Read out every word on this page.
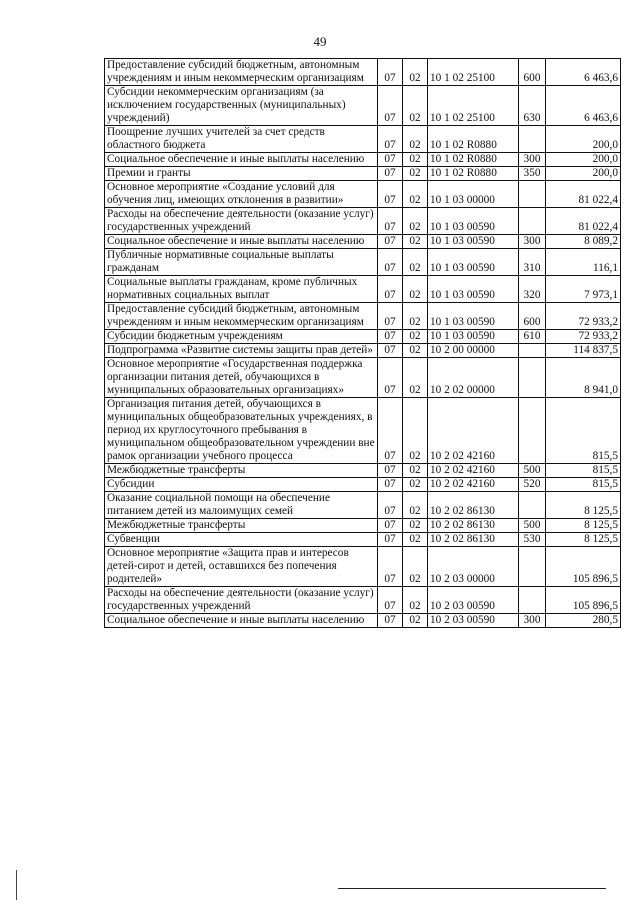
49
Предоставление субсидий бюджетным, автономным учреждениям и иным некоммерческим организациям	07	02	10 1 02 25100	600	6 463,6
Субсидии некоммерческим организациям (за исключением государственных (муниципальных) учреждений)	07	02	10 1 02 25100	630	6 463,6
Поощрение лучших учителей за счет средств областного бюджета	07	02	10 1 02 R0880		200,0
Социальное обеспечение и иные выплаты населению	07	02	10 1 02 R0880	300	200,0
Премии и гранты	07	02	10 1 02 R0880	350	200,0
Основное мероприятие «Создание условий для обучения лиц, имеющих отклонения в развитии»	07	02	10 1 03 00000		81 022,4
Расходы на обеспечение деятельности (оказание услуг) государственных учреждений	07	02	10 1 03 00590		81 022,4
Социальное обеспечение и иные выплаты населению	07	02	10 1 03 00590	300	8 089,2
Публичные нормативные социальные выплаты гражданам	07	02	10 1 03 00590	310	116,1
Социальные выплаты гражданам, кроме публичных нормативных социальных выплат	07	02	10 1 03 00590	320	7 973,1
Предоставление субсидий бюджетным, автономным учреждениям и иным некоммерческим организациям	07	02	10 1 03 00590	600	72 933,2
Субсидии бюджетным учреждениям	07	02	10 1 03 00590	610	72 933,2
Подпрограмма «Развитие системы защиты прав детей»	07	02	10 2 00 00000		114 837,5
Основное мероприятие «Государственная поддержка организации питания детей, обучающихся в муниципальных образовательных организациях»	07	02	10 2 02 00000		8 941,0
Организация питания детей, обучающихся в муниципальных общеобразовательных учреждениях, в период их круглосуточного пребывания в муниципальном общеобразовательном учреждении вне рамок организации учебного процесса	07	02	10 2 02 42160		815,5
Межбюджетные трансферты	07	02	10 2 02 42160	500	815,5
Субсидии	07	02	10 2 02 42160	520	815,5
Оказание социальной помощи на обеспечение питанием детей из малоимущих семей	07	02	10 2 02 86130		8 125,5
Межбюджетные трансферты	07	02	10 2 02 86130	500	8 125,5
Субвенции	07	02	10 2 02 86130	530	8 125,5
Основное мероприятие «Защита прав и интересов детей-сирот и детей, оставшихся без попечения родителей»	07	02	10 2 03 00000		105 896,5
Расходы на обеспечение деятельности (оказание услуг) государственных учреждений	07	02	10 2 03 00590		105 896,5
Социальное обеспечение и иные выплаты населению	07	02	10 2 03 00590	300	280,5
